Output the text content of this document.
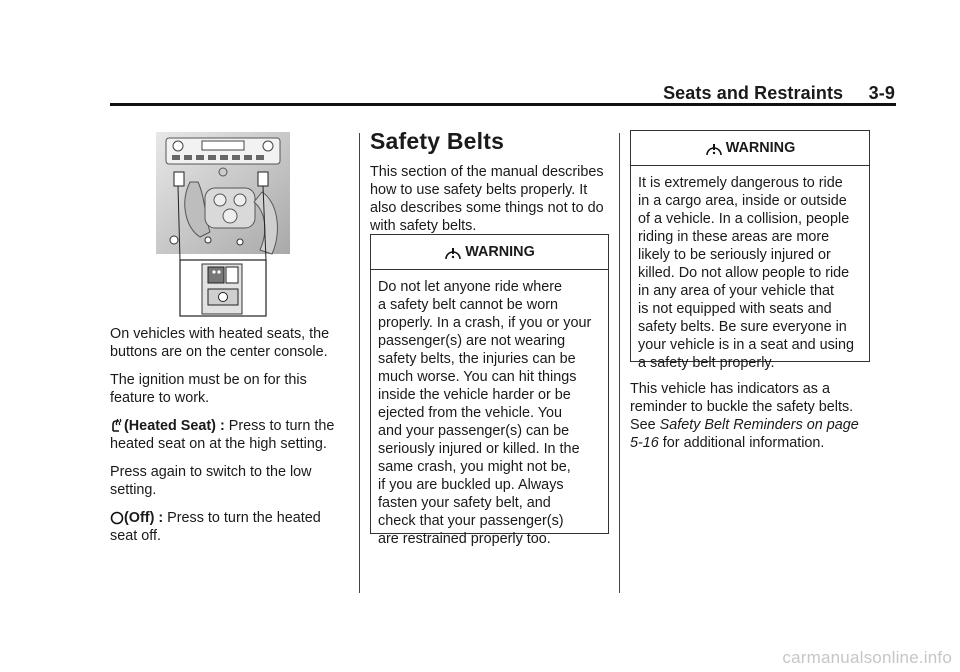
Seats and Restraints 3-9

On vehicles with heated seats, the buttons are on the center console.

The ignition must be on for this feature to work.

(Heated Seat) : Press to turn the heated seat on at the high setting.

Press again to switch to the low setting.

(Off) : Press to turn the heated seat off.

Safety Belts

This section of the manual describes how to use safety belts properly. It also describes some things not to do with safety belts.

WARNING
Do not let anyone ride where
a safety belt cannot be worn
properly. In a crash, if you or your
passenger(s) are not wearing
safety belts, the injuries can be
much worse. You can hit things
inside the vehicle harder or be
ejected from the vehicle. You
and your passenger(s) can be
seriously injured or killed. In the
same crash, you might not be,
if you are buckled up. Always
fasten your safety belt, and
check that your passenger(s)
are restrained properly too.
WARNING
It is extremely dangerous to ride
in a cargo area, inside or outside
of a vehicle. In a collision, people
riding in these areas are more
likely to be seriously injured or
killed. Do not allow people to ride
in any area of your vehicle that
is not equipped with seats and
safety belts. Be sure everyone in
your vehicle is in a seat and using
a safety belt properly.

This vehicle has indicators as a reminder to buckle the safety belts. See Safety Belt Reminders on page 5-16 for additional information.

carmanualsonline.info
